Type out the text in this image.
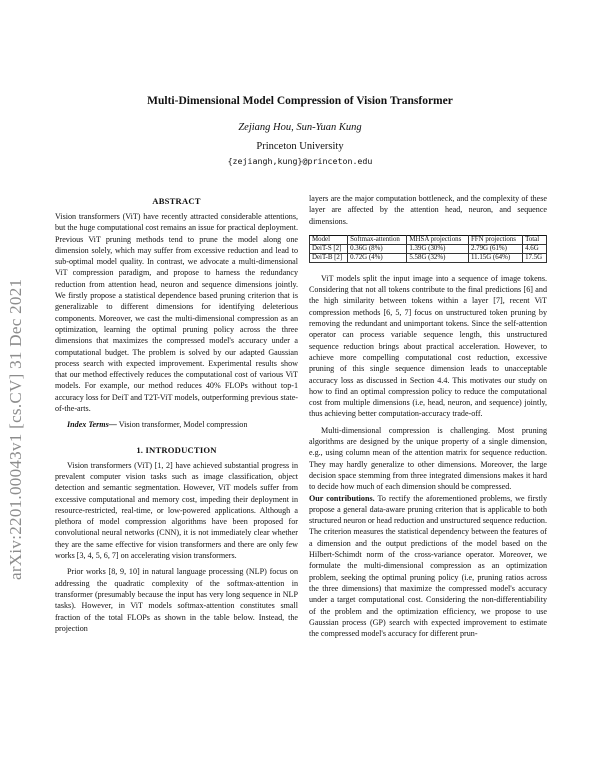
arXiv:2201.00043v1 [cs.CV] 31 Dec 2021
Multi-Dimensional Model Compression of Vision Transformer
Zejiang Hou, Sun-Yuan Kung
Princeton University
{zejiangh,kung}@princeton.edu
ABSTRACT

Vision transformers (ViT) have recently attracted considerable attentions, but the huge computational cost remains an issue for practical deployment. Previous ViT pruning methods tend to prune the model along one dimension solely, which may suffer from excessive reduction and lead to sub-optimal model quality. In contrast, we advocate a multi-dimensional ViT compression paradigm, and propose to harness the redundancy reduction from attention head, neuron and sequence dimensions jointly. We firstly propose a statistical dependence based pruning criterion that is generalizable to different dimensions for identifying deleterious components. Moreover, we cast the multi-dimensional compression as an optimization, learning the optimal pruning policy across the three dimensions that maximizes the compressed model's accuracy under a computational budget. The problem is solved by our adapted Gaussian process search with expected improvement. Experimental results show that our method effectively reduces the computational cost of various ViT models. For example, our method reduces 40% FLOPs without top-1 accuracy loss for DeiT and T2T-ViT models, outperforming previous state-of-the-arts.

Index Terms— Vision transformer, Model compression

1. INTRODUCTION

Vision transformers (ViT) [1, 2] have achieved substantial progress in prevalent computer vision tasks such as image classification, object detection and semantic segmentation. However, ViT models suffer from excessive computational and memory cost, impeding their deployment in resource-restricted, real-time, or low-powered applications. Although a plethora of model compression algorithms have been proposed for convolutional neural networks (CNN), it is not immediately clear whether they are the same effective for vision transformers and there are only few works [3, 4, 5, 6, 7] on accelerating vision transformers.

Prior works [8, 9, 10] in natural language processing (NLP) focus on addressing the quadratic complexity of the softmax-attention in transformer (presumably because the input has very long sequence in NLP tasks). However, in ViT models softmax-attention constitutes small fraction of the total FLOPs as shown in the table below. Instead, the projection

layers are the major computation bottleneck, and the complexity of these layer are affected by the attention head, neuron, and sequence dimensions.

Model	Softmax-attention	MHSA projections	FFN projections	Total
DeiT-S [2]	0.36G (8%)	1.39G (30%)	2.79G (61%)	4.6G
DeiT-B [2]	0.72G (4%)	5.58G (32%)	11.15G (64%)	17.5G

ViT models split the input image into a sequence of image tokens. Considering that not all tokens contribute to the final predictions [6] and the high similarity between tokens within a layer [7], recent ViT compression methods [6, 5, 7] focus on unstructured token pruning by removing the redundant and unimportant tokens. Since the self-attention operator can process variable sequence length, this unstructured sequence reduction brings about practical acceleration. However, to achieve more compelling computational cost reduction, excessive pruning of this single sequence dimension leads to unacceptable accuracy loss as discussed in Section 4.4. This motivates our study on how to find an optimal compression policy to reduce the computational cost from multiple dimensions (i.e, head, neuron, and sequence) jointly, thus achieving better computation-accuracy trade-off.

Multi-dimensional compression is challenging. Most pruning algorithms are designed by the unique property of a single dimension, e.g., using column mean of the attention matrix for sequence reduction. They may hardly generalize to other dimensions. Moreover, the large decision space stemming from three integrated dimensions makes it hard to decide how much of each dimension should be compressed.

Our contributions. To rectify the aforementioned problems, we firstly propose a general data-aware pruning criterion that is applicable to both structured neuron or head reduction and unstructured sequence reduction. The criterion measures the statistical dependency between the features of a dimension and the output predictions of the model based on the Hilbert-Schimdt norm of the cross-variance operator. Moreover, we formulate the multi-dimensional compression as an optimization problem, seeking the optimal pruning policy (i.e, pruning ratios across the three dimensions) that maximize the compressed model's accuracy under a target computational cost. Considering the non-differentiability of the problem and the optimization efficiency, we propose to use Gaussian process (GP) search with expected improvement to estimate the compressed model's accuracy for different prun-
